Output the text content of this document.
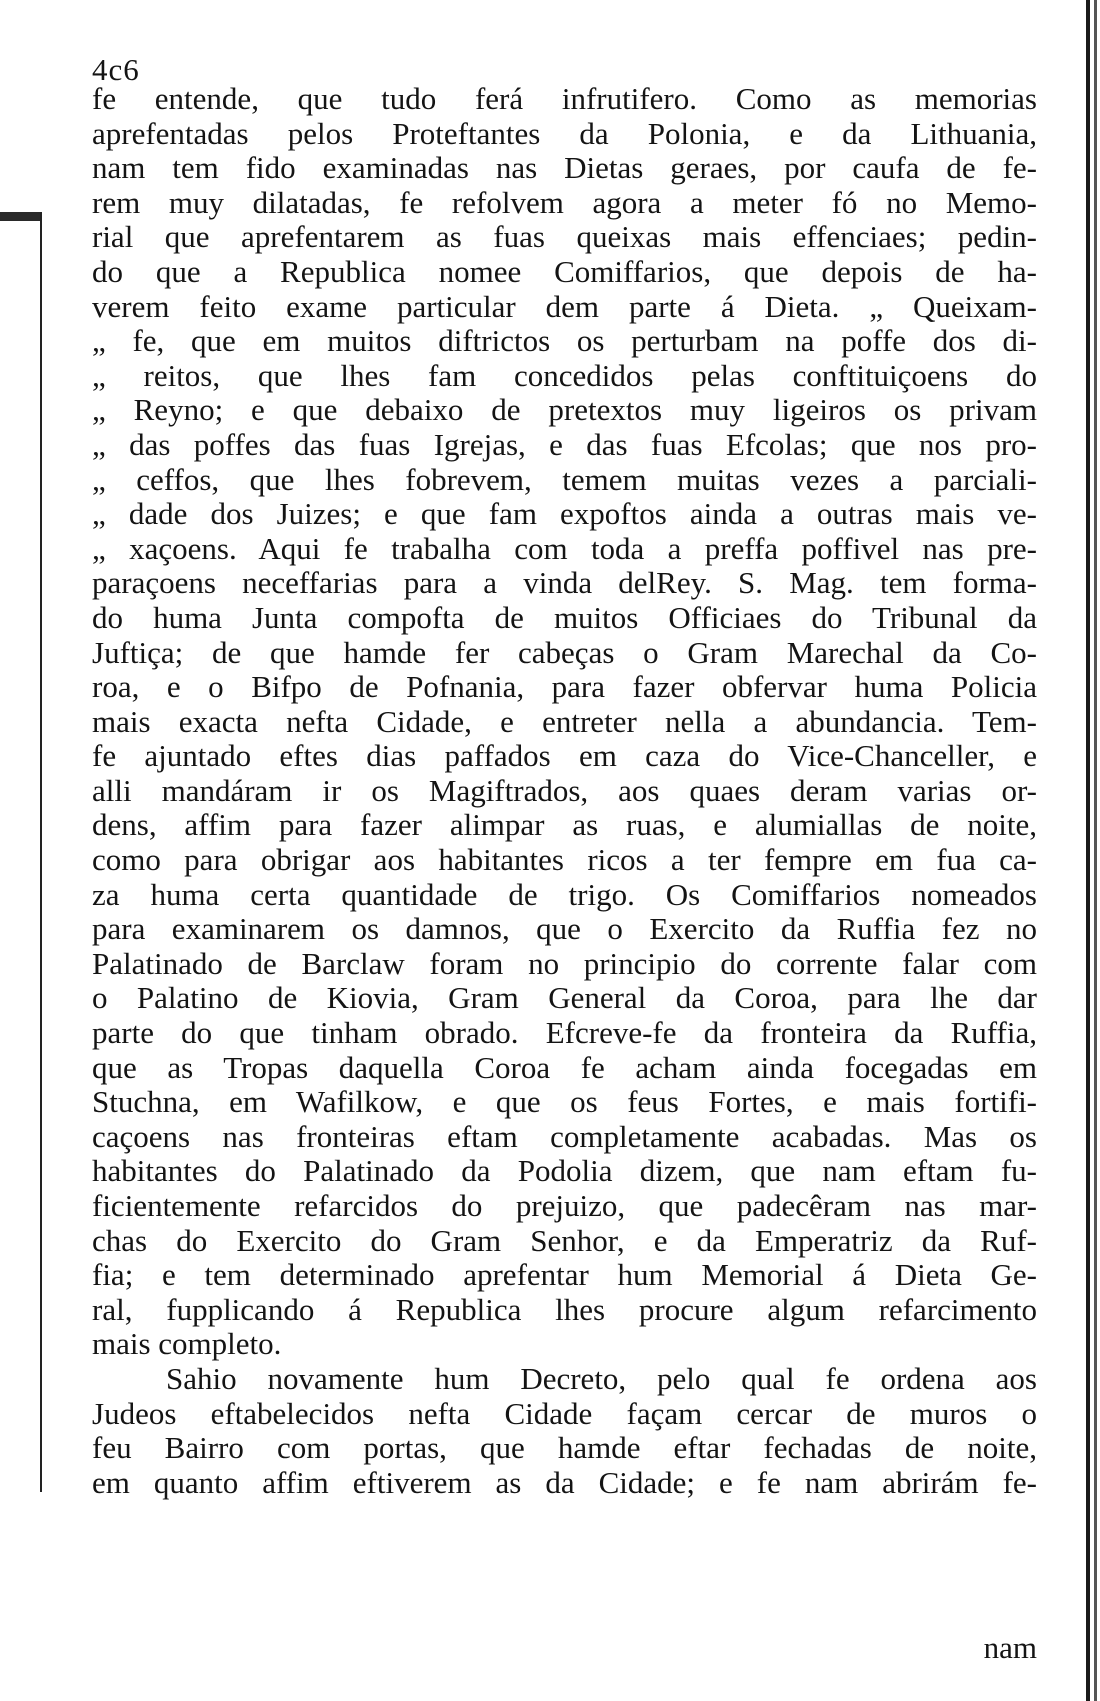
4c6
fe entende, que tudo ferá infrutifero. Como as memorias
aprefentadas pelos Proteftantes da Polonia, e da Lithuania,
nam tem fido examinadas nas Dietas geraes, por caufa de fe-
rem muy dilatadas, fe refolvem agora a meter fó no Memo-
rial que aprefentarem as fuas queixas mais effenciaes; pedin-
do que a Republica nomee Comiffarios, que depois de ha-
verem feito exame particular dem parte á Dieta. „ Queixam-
„ fe, que em muitos diftrictos os perturbam na poffe dos di-
„ reitos, que lhes fam concedidos pelas conftituiçoens do
„ Reyno; e que debaixo de pretextos muy ligeiros os privam
„ das poffes das fuas Igrejas, e das fuas Efcolas; que nos pro-
„ ceffos, que lhes fobrevem, temem muitas vezes a parciali-
„ dade dos Juizes; e que fam expoftos ainda a outras mais ve-
„ xaçoens. Aqui fe trabalha com toda a preffa poffivel nas pre-
paraçoens neceffarias para a vinda delRey. S. Mag. tem forma-
do huma Junta compofta de muitos Officiaes do Tribunal da
Juftiça; de que hamde fer cabeças o Gram Marechal da Co-
roa, e o Bifpo de Pofnania, para fazer obfervar huma Policia
mais exacta nefta Cidade, e entreter nella a abundancia. Tem-
fe ajuntado eftes dias paffados em caza do Vice-Chanceller, e
alli mandáram ir os Magiftrados, aos quaes deram varias or-
dens, affim para fazer alimpar as ruas, e alumiallas de noite,
como para obrigar aos habitantes ricos a ter fempre em fua ca-
za huma certa quantidade de trigo. Os Comiffarios nomeados
para examinarem os damnos, que o Exercito da Ruffia fez no
Palatinado de Barclaw foram no principio do corrente falar com
o Palatino de Kiovia, Gram General da Coroa, para lhe dar
parte do que tinham obrado. Efcreve-fe da fronteira da Ruffia,
que as Tropas daquella Coroa fe acham ainda focegadas em
Stuchna, em Wafilkow, e que os feus Fortes, e mais fortifi-
caçoens nas fronteiras eftam completamente acabadas. Mas os
habitantes do Palatinado da Podolia dizem, que nam eftam fu-
ficientemente refarcidos do prejuizo, que padecêram nas mar-
chas do Exercito do Gram Senhor, e da Emperatriz da Ruf-
fia; e tem determinado aprefentar hum Memorial á Dieta Ge-
ral, fupplicando á Republica lhes procure algum refarcimento
mais completo.
Sahio novamente hum Decreto, pelo qual fe ordena aos
Judeos eftabelecidos nefta Cidade façam cercar de muros o
feu Bairro com portas, que hamde eftar fechadas de noite,
em quanto affim eftiverem as da Cidade; e fe nam abrirám fe-
nam
